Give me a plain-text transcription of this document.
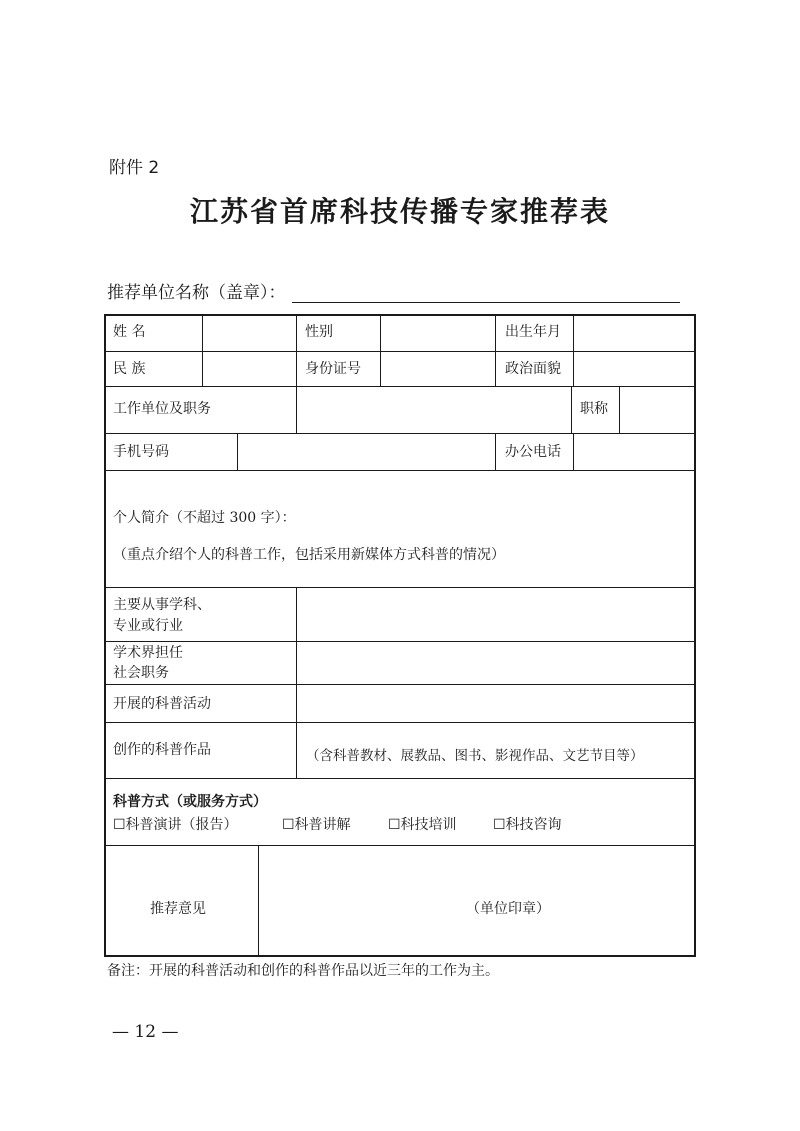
附件 2
江苏省首席科技传播专家推荐表
推荐单位名称（盖章）：
姓 名	性别	出生年月
民 族	身份证号	政治面貌
工作单位及职务	职称
手机号码	办公电话
个人简介（不超过 300 字）：
（重点介绍个人的科普工作，包括采用新媒体方式科普的情况）
主要从事学科、
专业或行业
学术界担任
社会职务
开展的科普活动
创作的科普作品	（含科普教材、展教品、图书、影视作品、文艺节目等）
科普方式（或服务方式）
☐科普演讲（报告）	☐科普讲解	☐科技培训	☐科技咨询
推荐意见	（单位印章）
备注：开展的科普活动和创作的科普作品以近三年的工作为主。
— 12 —
